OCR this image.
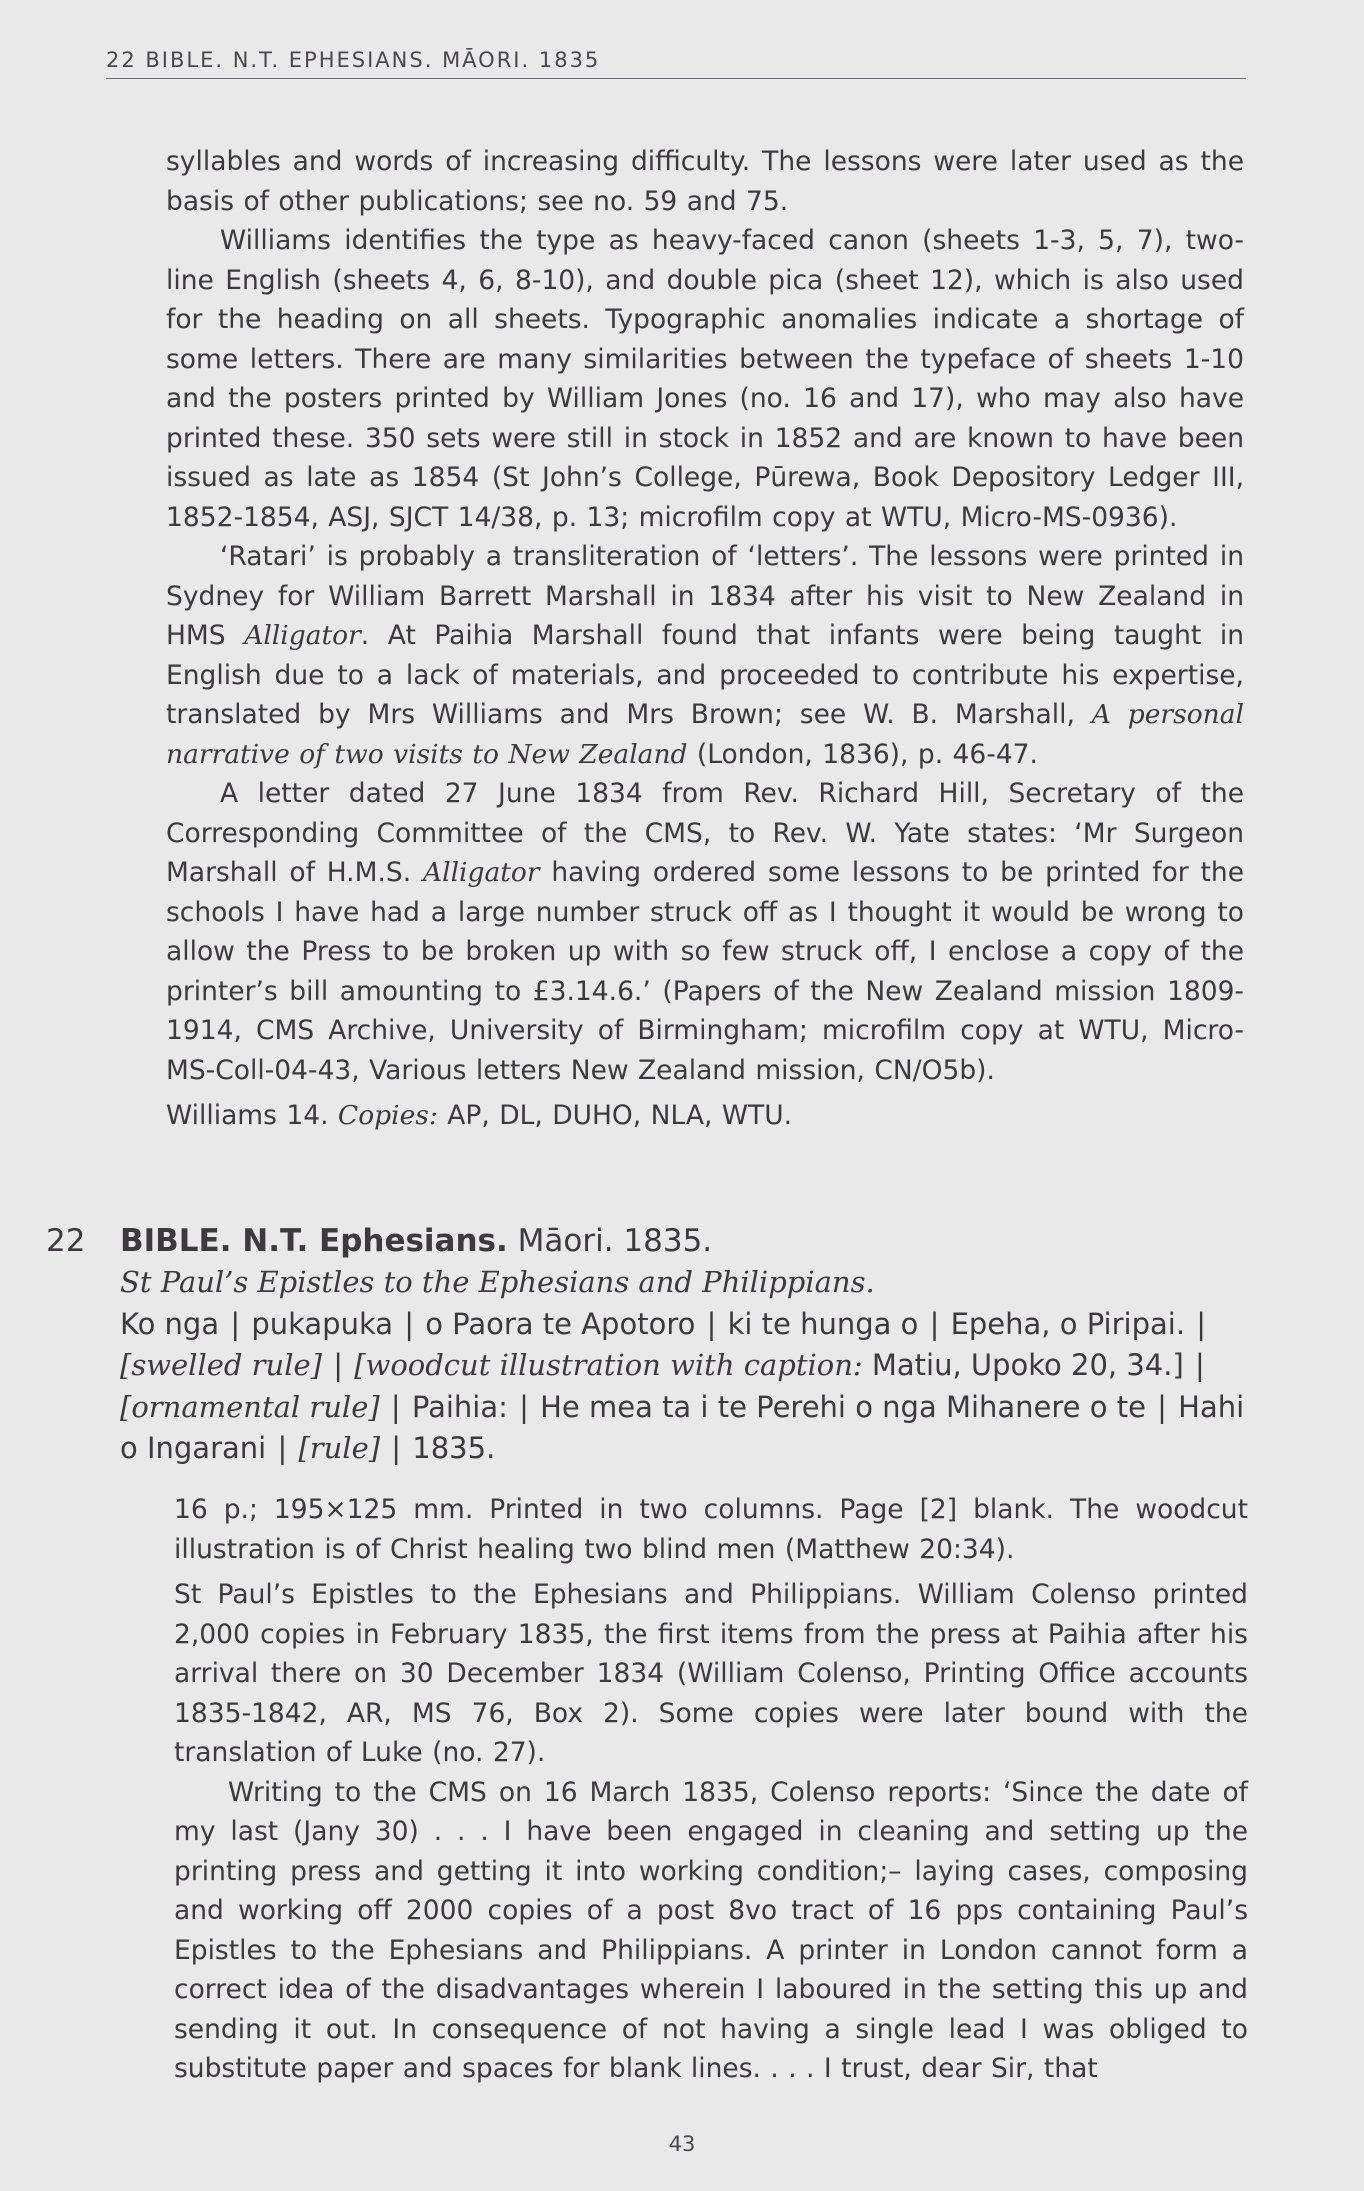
22 BIBLE. N.T. EPHESIANS. MĀORI. 1835

syllables and words of increasing difficulty. The lessons were later used as the basis of other publications; see no. 59 and 75.

Williams identifies the type as heavy-faced canon (sheets 1-3, 5, 7), two-line English (sheets 4, 6, 8-10), and double pica (sheet 12), which is also used for the heading on all sheets. Typographic anomalies indicate a shortage of some letters. There are many similarities between the typeface of sheets 1-10 and the posters printed by William Jones (no. 16 and 17), who may also have printed these. 350 sets were still in stock in 1852 and are known to have been issued as late as 1854 (St John’s College, Pūrewa, Book Depository Ledger III, 1852-1854, ASJ, SJCT 14/38, p. 13; microfilm copy at WTU, Micro-MS-0936).

‘Ratari’ is probably a transliteration of ‘letters’. The lessons were printed in Sydney for William Barrett Marshall in 1834 after his visit to New Zealand in HMS Alligator. At Paihia Marshall found that infants were being taught in English due to a lack of materials, and proceeded to contribute his expertise, translated by Mrs Williams and Mrs Brown; see W. B. Marshall, A personal narrative of two visits to New Zealand (London, 1836), p. 46-47.

A letter dated 27 June 1834 from Rev. Richard Hill, Secretary of the Corresponding Committee of the CMS, to Rev. W. Yate states: ‘Mr Surgeon Marshall of H.M.S. Alligator having ordered some lessons to be printed for the schools I have had a large number struck off as I thought it would be wrong to allow the Press to be broken up with so few struck off, I enclose a copy of the printer’s bill amounting to £3.14.6.’ (Papers of the New Zealand mission 1809-1914, CMS Archive, University of Birmingham; microfilm copy at WTU, Micro-MS-Coll-04-43, Various letters New Zealand mission, CN/O5b).

Williams 14. Copies: AP, DL, DUHO, NLA, WTU.

22 BIBLE. N.T. Ephesians. Māori. 1835.

St Paul’s Epistles to the Ephesians and Philippians.

Ko nga | pukapuka | o Paora te Apotoro | ki te hunga o | Epeha, o Piripai. | [swelled rule] | [woodcut illustration with caption: Matiu, Upoko 20, 34.] | [ornamental rule] | Paihia: | He mea ta i te Perehi o nga Mihanere o te | Hahi o Ingarani | [rule] | 1835.

16 p.; 195×125 mm. Printed in two columns. Page [2] blank. The woodcut illustration is of Christ healing two blind men (Matthew 20:34).

St Paul’s Epistles to the Ephesians and Philippians. William Colenso printed 2,000 copies in February 1835, the first items from the press at Paihia after his arrival there on 30 December 1834 (William Colenso, Printing Office accounts 1835-1842, AR, MS 76, Box 2). Some copies were later bound with the translation of Luke (no. 27).

Writing to the CMS on 16 March 1835, Colenso reports: ‘Since the date of my last (Jany 30) . . . I have been engaged in cleaning and setting up the printing press and getting it into working condition;– laying cases, composing and working off 2000 copies of a post 8vo tract of 16 pps containing Paul’s Epistles to the Ephesians and Philippians. A printer in London cannot form a correct idea of the disadvantages wherein I laboured in the setting this up and sending it out. In consequence of not having a single lead I was obliged to substitute paper and spaces for blank lines. . . . I trust, dear Sir, that

43
